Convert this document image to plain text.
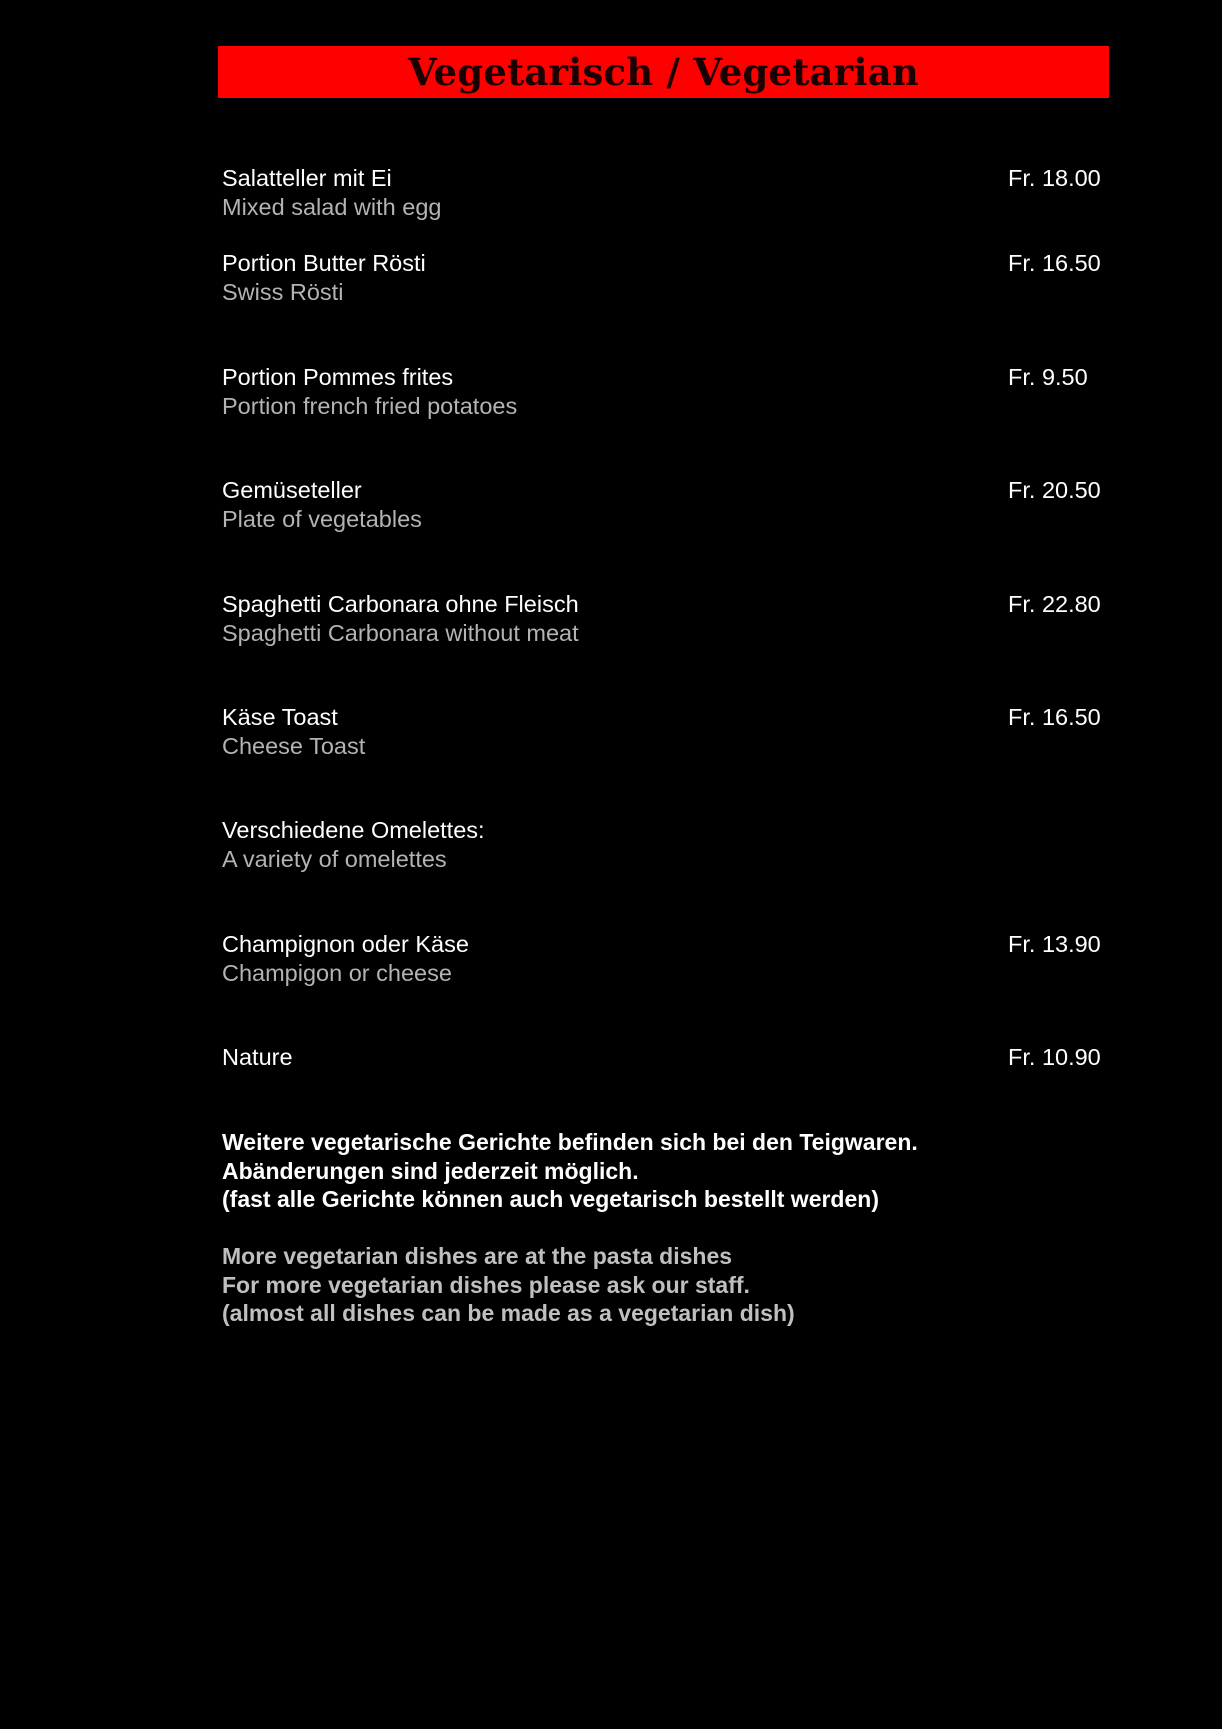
Vegetarisch / Vegetarian
Salatteller mit Ei
Mixed salad with egg
Fr. 18.00
Portion Butter Rösti
Swiss Rösti
Fr. 16.50
Portion Pommes frites
Portion french fried potatoes
Fr. 9.50
Gemüseteller
Plate of vegetables
Fr. 20.50
Spaghetti Carbonara ohne Fleisch
Spaghetti Carbonara without meat
Fr. 22.80
Käse Toast
Cheese Toast
Fr. 16.50
Verschiedene Omelettes:
A variety of omelettes
Champignon oder Käse
Champigon or cheese
Fr. 13.90
Nature	Fr. 10.90
Weitere vegetarische Gerichte befinden sich bei den Teigwaren.
Abänderungen sind jederzeit möglich.
(fast alle Gerichte können auch vegetarisch bestellt werden)
More vegetarian dishes are at the pasta dishes
For more vegetarian dishes please ask our staff.
(almost all dishes can be made as a vegetarian dish)
